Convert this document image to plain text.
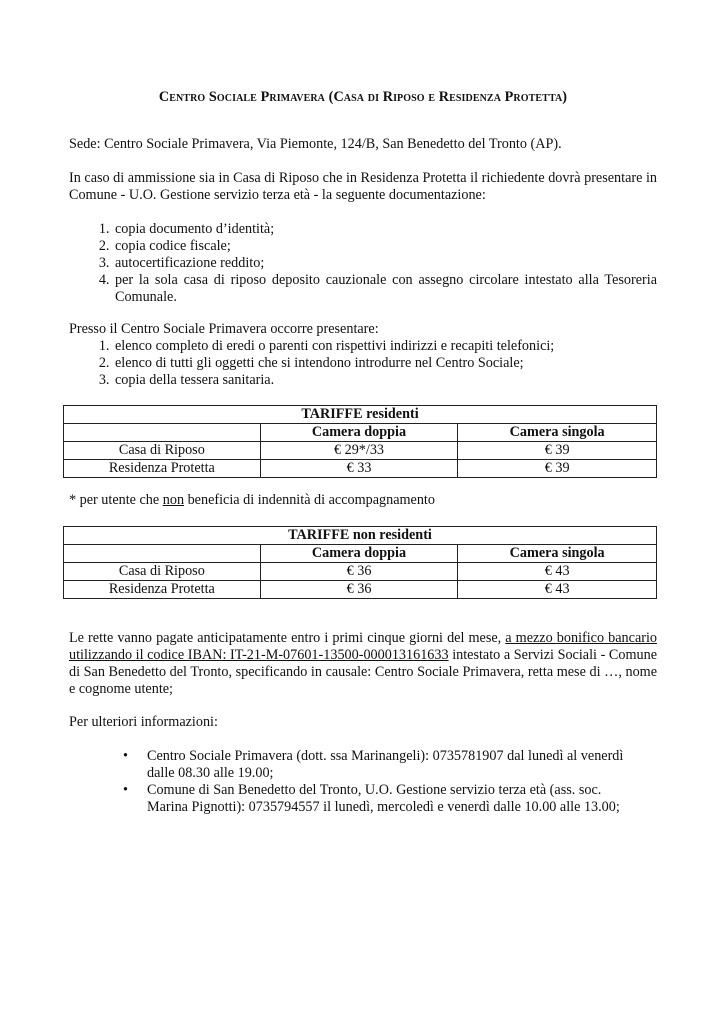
Centro Sociale Primavera (Casa di Riposo e Residenza Protetta)
Sede: Centro Sociale Primavera, Via Piemonte, 124/B, San Benedetto del Tronto (AP).
In caso di ammissione sia in Casa di Riposo che in Residenza Protetta il richiedente dovrà presentare in Comune - U.O. Gestione servizio terza età - la seguente documentazione:
1. copia documento d’identità;
2. copia codice fiscale;
3. autocertificazione reddito;
4. per la sola casa di riposo deposito cauzionale con assegno circolare intestato alla Tesoreria Comunale.
Presso il Centro Sociale Primavera occorre presentare:
1. elenco completo di eredi o parenti con rispettivi indirizzi e recapiti telefonici;
2. elenco di tutti gli oggetti che si intendono introdurre nel Centro Sociale;
3. copia della tessera sanitaria.
TARIFFE residenti		
	Camera doppia	Camera singola
Casa di Riposo	€ 29*/33	€ 39
Residenza Protetta	€ 33	€ 39
* per utente che non beneficia di indennità di accompagnamento
TARIFFE non residenti		
	Camera doppia	Camera singola
Casa di Riposo	€ 36	€ 43
Residenza Protetta	€ 36	€ 43
Le rette vanno pagate anticipatamente entro i primi cinque giorni del mese, a mezzo bonifico bancario utilizzando il codice IBAN: IT-21-M-07601-13500-000013161633 intestato a Servizi Sociali - Comune di San Benedetto del Tronto, specificando in causale: Centro Sociale Primavera, retta mese di …, nome e cognome utente;
Per ulteriori informazioni:
• Centro Sociale Primavera (dott. ssa Marinangeli): 0735781907 dal lunedì al venerdì
dalle 08.30 alle 19.00;
• Comune di San Benedetto del Tronto, U.O. Gestione servizio terza età (ass. soc.
Marina Pignotti): 0735794557 il lunedì, mercoledì e venerdì dalle 10.00 alle 13.00;
